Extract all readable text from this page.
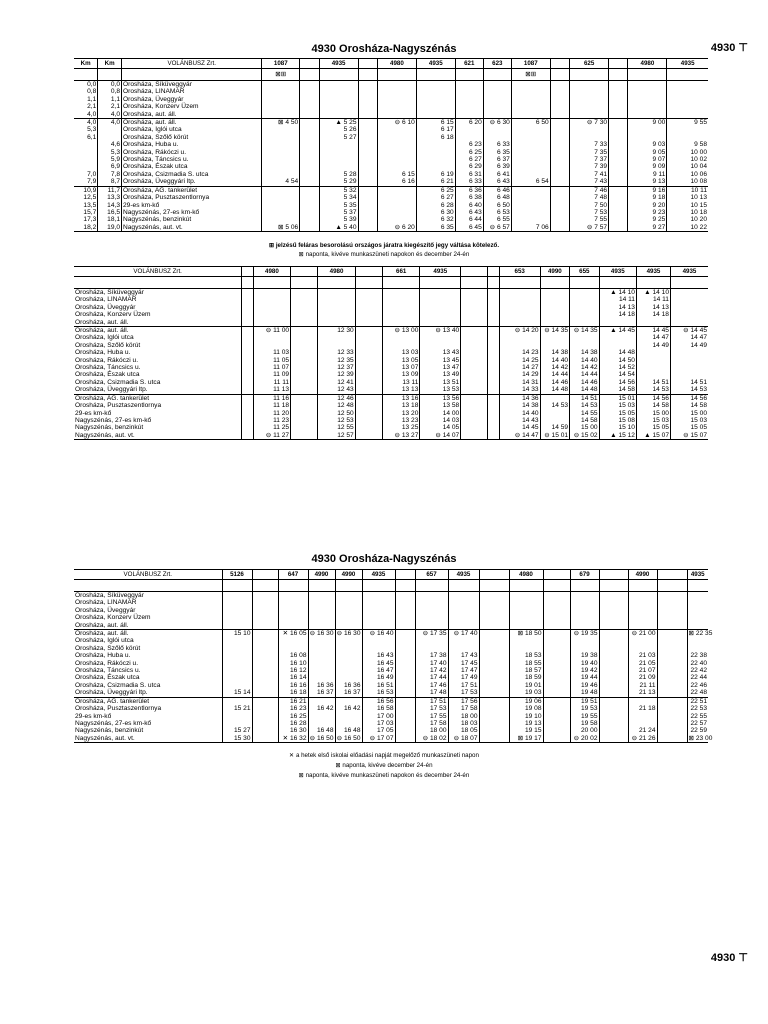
4930 Orosháza-Nagyszénás	4930 ⊤
Km	Km	VOLÁNBUSZ Zrt.	1087		4935		4980	4935	621	623	1087		625		4980	4935
			⊠⊞								⊠⊞					
0,0	0,0	Orosháza, Síküveggyár														
0,8	0,8	Orosháza, LINAMAR														
1,1	1,1	Orosháza, Üveggyár														
2,1	2,1	Orosháza, Konzerv Üzem														
4,0	4,0	Orosháza, aut. áll.														
4,0	4,0	Orosháza, aut. áll.	⊠ 4 50		▲ 5 25		⊖ 6 10	6 15	6 20	⊖ 6 30	6 50		⊖ 7 30		9 00	9 55
5,3		Orosháza, Iglói utca			5 26			6 17								
6,1		Orosháza, Szőlő körút			5 27			6 18								
	4,6	Orosháza, Huba u.							6 23	6 33			7 33		9 03	9 58
	5,3	Orosháza, Rákóczi u.							6 25	6 35			7 35		9 05	10 00
	5,9	Orosháza, Táncsics u.							6 27	6 37			7 37		9 07	10 02
	6,9	Orosháza, Észak utca							6 29	6 39			7 39		9 09	10 04
7,0	7,8	Orosháza, Csizmadia S. utca			5 28		6 15	6 19	6 31	6 41			7 41		9 11	10 06
7,9	8,7	Orosháza, Üveggyári ltp.	4 54		5 29		6 16	6 21	6 33	6 43	6 54		7 43		9 13	10 08
10,9	11,7	Orosháza, AG. tankerület			5 32			6 25	6 36	6 46			7 46		9 16	10 11
12,5	13,3	Orosháza, Pusztaszentlornya			5 34			6 27	6 38	6 48			7 48		9 18	10 13
13,5	14,3	29-es km-kő			5 35			6 28	6 40	6 50			7 50		9 20	10 15
15,7	16,5	Nagyszénás, 27-es km-kő			5 37			6 30	6 43	6 53			7 53		9 23	10 18
17,3	18,1	Nagyszénás, benzinkút			5 39			6 32	6 44	6 55			7 55		9 25	10 20
18,2	19,0	Nagyszénás, aut. vt.	⊠ 5 06		▲ 5 40		⊖ 6 20	6 35	6 45	⊖ 6 57	7 06		⊖ 7 57		9 27	10 22
⊞ jelzésű feláras besorolású országos járatra kiegészítő jegy váltása kötelező.
⊠ naponta, kivéve munkaszüneti napokon és december 24-én
VOLÁNBUSZ Zrt.		4980		4980		661	4935			653	4990	655	4935	4935	4935

Orosháza, Síküveggyár													▲ 14 10	▲ 14 10	
Orosháza, LINAMAR													14 11	14 11	
Orosháza, Üveggyár													14 13	14 13	
Orosháza, Konzerv Üzem													14 18	14 18	
Orosháza, aut. áll.															
Orosháza, aut. áll.		⊖ 11 00		12 30		⊖ 13 00	⊖ 13 40			⊖ 14 20	⊖ 14 35	⊖ 14 35	▲ 14 45	14 45	⊖ 14 45
Orosháza, Iglói utca														14 47	14 47
Orosháza, Szőlő körút														14 49	14 49
Orosháza, Huba u.		11 03		12 33		13 03	13 43			14 23	14 38	14 38	14 48		
Orosháza, Rákóczi u.		11 05		12 35		13 05	13 45			14 25	14 40	14 40	14 50		
Orosháza, Táncsics u.		11 07		12 37		13 07	13 47			14 27	14 42	14 42	14 52		
Orosháza, Észak utca		11 09		12 39		13 09	13 49			14 29	14 44	14 44	14 54		
Orosháza, Csizmadia S. utca		11 11		12 41		13 11	13 51			14 31	14 46	14 46	14 56	14 51	14 51
Orosháza, Üveggyári ltp.		11 13		12 43		13 13	13 53			14 33	14 48	14 48	14 58	14 53	14 53
Orosháza, AG. tankerület		11 16		12 46		13 16	13 56			14 36		14 51	15 01	14 56	14 56
Orosháza, Pusztaszentlornya		11 18		12 48		13 18	13 58			14 38	14 53	14 53	15 03	14 58	14 58
29-es km-kő		11 20		12 50		13 20	14 00			14 40		14 55	15 05	15 00	15 00
Nagyszénás, 27-es km-kő		11 23		12 53		13 23	14 03			14 43		14 58	15 08	15 03	15 03
Nagyszénás, benzinkút		11 25		12 55		13 25	14 05			14 45	14 59	15 00	15 10	15 05	15 05
Nagyszénás, aut. vt.		⊖ 11 27		12 57		⊖ 13 27	⊖ 14 07			⊖ 14 47	⊖ 15 01	⊖ 15 02	▲ 15 12	▲ 15 07	⊖ 15 07
4930 Orosháza-Nagyszénás
VOLÁNBUSZ Zrt.	5126		647	4990	4990	4935		657	4935		4980		679		4990		4935

Orosháza, Síküveggyár																	
Orosháza, LINAMAR																	
Orosháza, Üveggyár																	
Orosháza, Konzerv Üzem																	
Orosháza, aut. áll.																	
Orosháza, aut. áll.	15 10		✕ 16 05	⊖ 16 30	⊖ 16 30	⊖ 16 40		⊖ 17 35	⊖ 17 40		⊠ 18 50		⊖ 19 35		⊖ 21 00		⊠ 22 35
Orosháza, Iglói utca																	
Orosháza, Szőlő körút																	
Orosháza, Huba u.			16 08			16 43		17 38	17 43		18 53		19 38		21 03		22 38
Orosháza, Rákóczi u.			16 10			16 45		17 40	17 45		18 55		19 40		21 05		22 40
Orosháza, Táncsics u.			16 12			16 47		17 42	17 47		18 57		19 42		21 07		22 42
Orosháza, Észak utca			16 14			16 49		17 44	17 49		18 59		19 44		21 09		22 44
Orosháza, Csizmadia S. utca			16 16	16 36	16 36	16 51		17 46	17 51		19 01		19 46		21 11		22 46
Orosháza, Üveggyári ltp.	15 14		16 18	16 37	16 37	16 53		17 48	17 53		19 03		19 48		21 13		22 48
Orosháza, AG. tankerület			16 21			16 56		17 51	17 56		19 06		19 51				22 51
Orosháza, Pusztaszentlornya	15 21		16 23	16 42	16 42	16 58		17 53	17 58		19 08		19 53		21 18		22 53
29-es km-kő			16 25			17 00		17 55	18 00		19 10		19 55				22 55
Nagyszénás, 27-es km-kő			16 28			17 03		17 58	18 03		19 13		19 58				22 57
Nagyszénás, benzinkút	15 27		16 30	16 48	16 48	17 05		18 00	18 05		19 15		20 00		21 24		22 59
Nagyszénás, aut. vt.	15 30		✕ 16 32	⊖ 16 50	⊖ 16 50	⊖ 17 07		⊖ 18 02	⊖ 18 07		⊠ 19 17		⊖ 20 02		⊖ 21 26		⊠ 23 00
✕ a hetek első iskolai előadási napját megelőző munkaszüneti napon
⊠ naponta, kivéve december 24-én
⊠ naponta, kivéve munkaszüneti napokon és december 24-én
4930 ⊤
